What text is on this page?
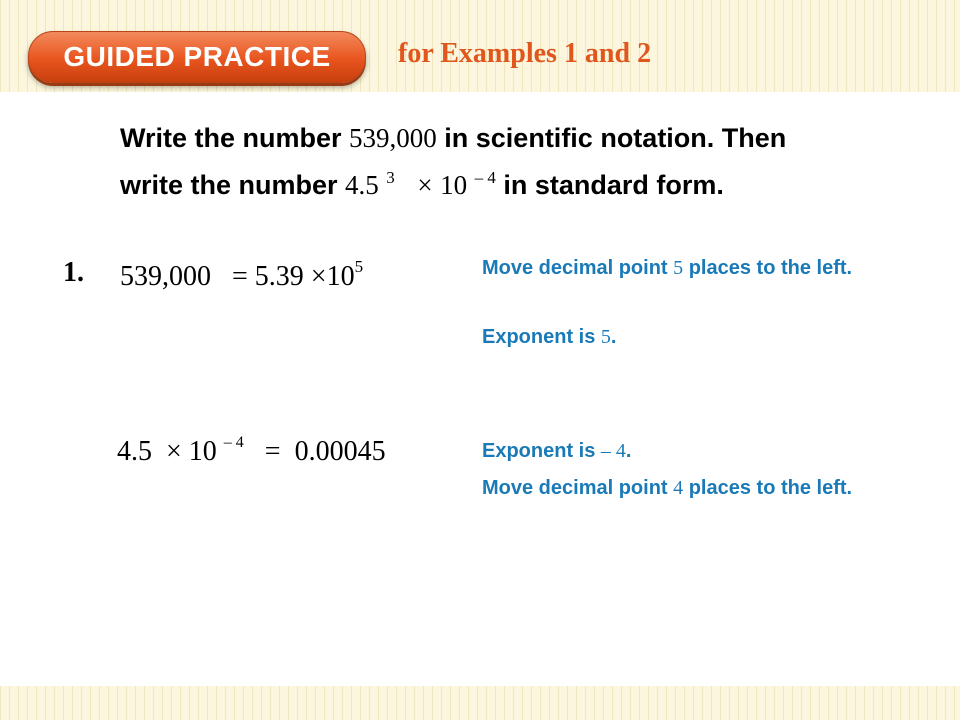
GUIDED PRACTICE	for Examples 1 and 2
Write the number 539,000 in scientific notation. Then
write the number 4.5 $^3$ × 10 $^{- 4}$ in standard form.
1. $539,000 = 5.39 \times 10^5$	Move decimal point 5 places to the left.
Exponent is 5.
4.5 × 10 $^{- 4}$ = 0.00045	Exponent is – 4.
Move decimal point 4 places to the left.
